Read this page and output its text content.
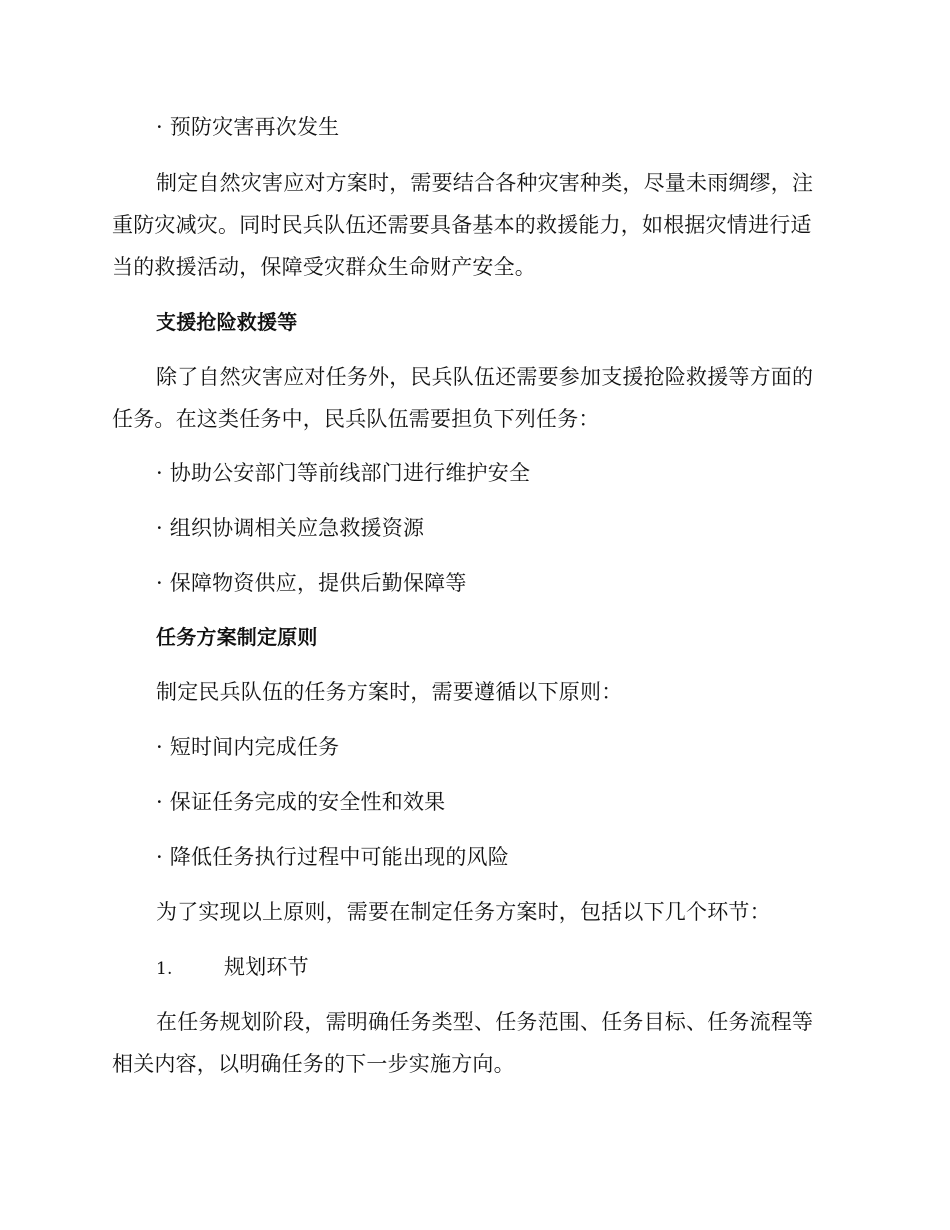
· 预防灾害再次发生
制定自然灾害应对方案时，需要结合各种灾害种类，尽量未雨绸缪，注
重防灾减灾。同时民兵队伍还需要具备基本的救援能力，如根据灾情进行适
当的救援活动，保障受灾群众生命财产安全。
支援抢险救援等
除了自然灾害应对任务外，民兵队伍还需要参加支援抢险救援等方面的
任务。在这类任务中，民兵队伍需要担负下列任务：
· 协助公安部门等前线部门进行维护安全
· 组织协调相关应急救援资源
· 保障物资供应，提供后勤保障等
任务方案制定原则
制定民兵队伍的任务方案时，需要遵循以下原则：
· 短时间内完成任务
· 保证任务完成的安全性和效果
· 降低任务执行过程中可能出现的风险
为了实现以上原则，需要在制定任务方案时，包括以下几个环节：
1. 规划环节
在任务规划阶段，需明确任务类型、任务范围、任务目标、任务流程等
相关内容，以明确任务的下一步实施方向。
